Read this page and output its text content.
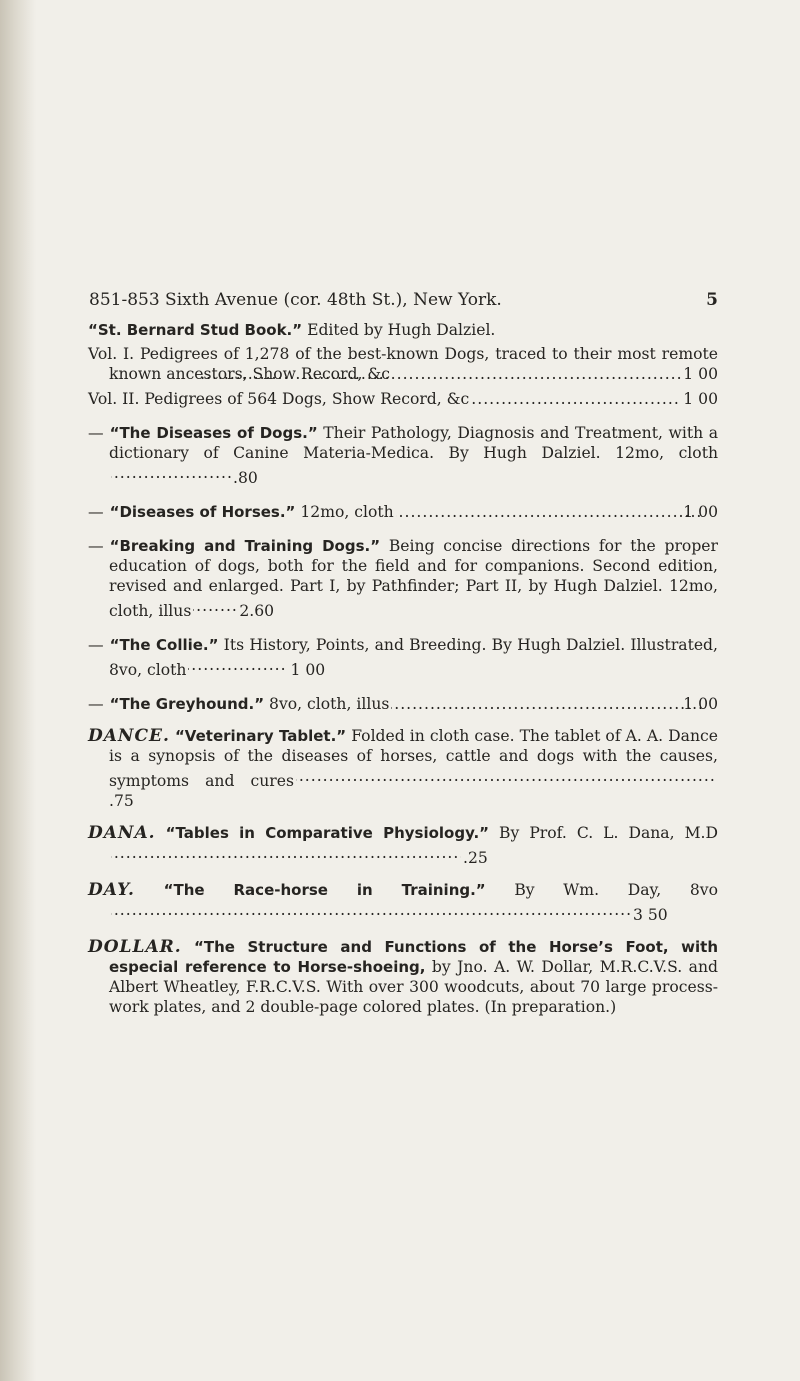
851-853 Sixth Avenue (cor. 48th St.), New York.	5
“St. Bernard Stud Book.” Edited by Hugh Dalziel.
Vol. I. Pedigrees of 1,278 of the best-known Dogs, traced to their most remote known ancestors, Show Record, &c .....	1 00
Vol. II. Pedigrees of 564 Dogs, Show Record, &c .....	1 00
— “The Diseases of Dogs.” Their Pathology, Diagnosis and Treatment, with a dictionary of Canine Materia-Medica. By Hugh Dalziel. 12mo, cloth......80
— “Diseases of Horses.” 12mo, cloth .....	1 00
— “Breaking and Training Dogs.” Being concise directions for the proper education of dogs, both for the field and for companions. Second edition, revised and enlarged. Part I, by Pathfinder; Part II, by Hugh Dalziel. 12mo, cloth, illus .....	2.60
— “The Collie.” Its History, Points, and Breeding. By Hugh Dalziel. Illustrated, 8vo, cloth .....	1 00
— “The Greyhound.” 8vo, cloth, illus .....	1 00
DANCE. “Veterinary Tablet.” Folded in cloth case. The tablet of A. A. Dance is a synopsis of the diseases of horses, cattle and dogs with the causes, symptoms and cures......75
DANA. “Tables in Comparative Physiology.” By Prof. C. L. Dana, M.D......25
DAY. “The Race-horse in Training.” By Wm. Day, 8vo.....3 50
DOLLAR. “The Structure and Functions of the Horse’s Foot, with especial reference to Horse-shoeing, by Jno. A. W. Dollar, M.R.C.V.S. and Albert Wheatley, F.R.C.V.S. With over 300 woodcuts, about 70 large process-work plates, and 2 double-page colored plates. (In preparation.)
